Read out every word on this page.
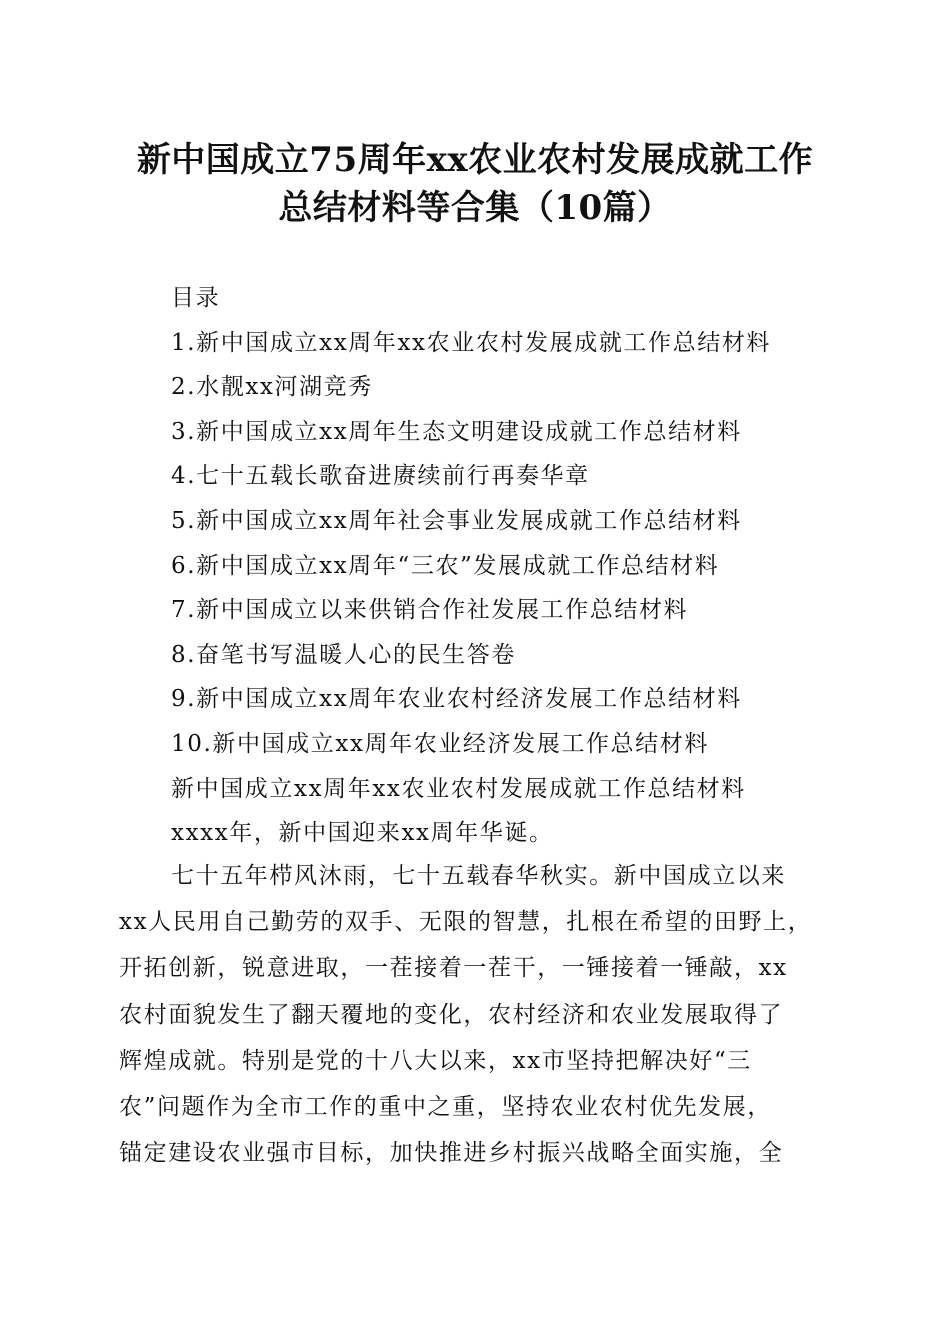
新中国成立75周年xx农业农村发展成就工作
总结材料等合集（10篇）
目录
1.新中国成立xx周年xx农业农村发展成就工作总结材料
2.水靓xx河湖竞秀
3.新中国成立xx周年生态文明建设成就工作总结材料
4.七十五载长歌奋进赓续前行再奏华章
5.新中国成立xx周年社会事业发展成就工作总结材料
6.新中国成立xx周年“三农”发展成就工作总结材料
7.新中国成立以来供销合作社发展工作总结材料
8.奋笔书写温暖人心的民生答卷
9.新中国成立xx周年农业农村经济发展工作总结材料
10.新中国成立xx周年农业经济发展工作总结材料
新中国成立xx周年xx农业农村发展成就工作总结材料
xxxx年，新中国迎来xx周年华诞。
七十五年栉风沐雨，七十五载春华秋实。新中国成立以来
xx人民用自己勤劳的双手、无限的智慧，扎根在希望的田野上，
开拓创新，锐意进取，一茬接着一茬干，一锤接着一锤敲，xx
农村面貌发生了翻天覆地的变化，农村经济和农业发展取得了
辉煌成就。特别是党的十八大以来，xx市坚持把解决好“三
农”问题作为全市工作的重中之重，坚持农业农村优先发展，
锚定建设农业强市目标，加快推进乡村振兴战略全面实施，全
